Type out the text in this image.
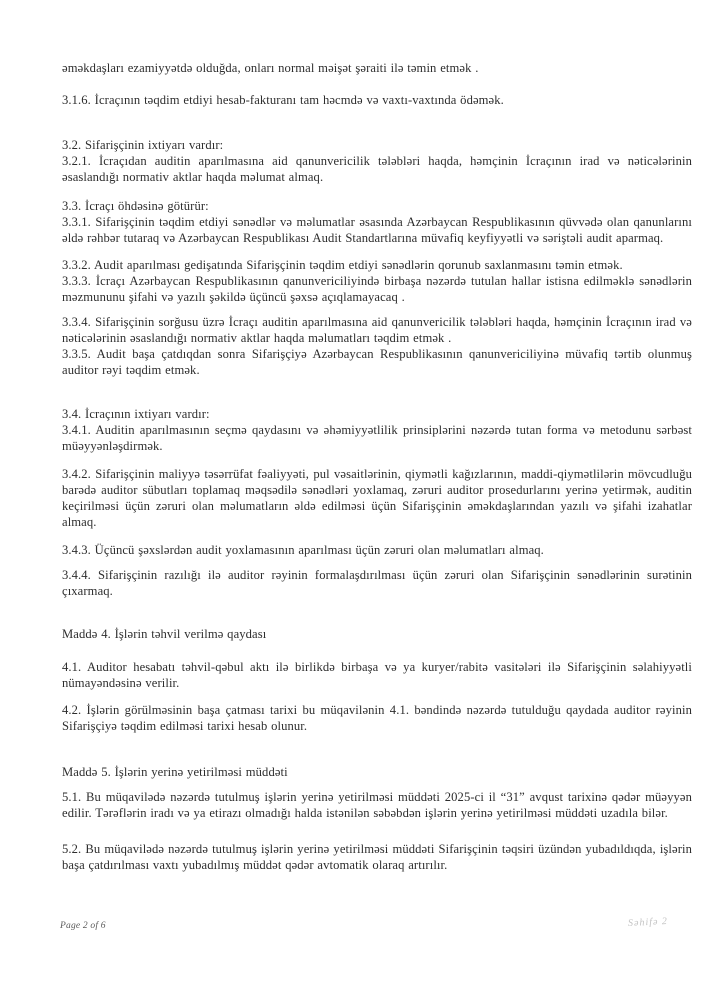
əməkdaşları ezamiyyətdə olduğda, onları normal məişət şəraiti ilə təmin etmək .

3.1.6. İcraçının təqdim etdiyi hesab-fakturanı tam həcmdə və vaxtı-vaxtında ödəmək.

3.2. Sifarişçinin ixtiyarı vardır:

3.2.1. İcraçıdan auditin aparılmasına aid qanunvericilik tələbləri haqda, həmçinin İcraçının irad və nəticələrinin əsaslandığı normativ aktlar haqda məlumat almaq.

3.3. İcraçı öhdəsinə götürür:

3.3.1. Sifarişçinin təqdim etdiyi sənədlər və məlumatlar əsasında Azərbaycan Respublikasının qüvvədə olan qanunlarını əldə rəhbər tutaraq və Azərbaycan Respublikası Audit Standartlarına müvafiq keyfiyyətli və səriştəli audit aparmaq.

3.3.2. Audit aparılması gedişatında Sifarişçinin təqdim etdiyi sənədlərin qorunub saxlanmasını təmin etmək.

3.3.3. İcraçı Azərbaycan Respublikasının qanunvericiliyində birbaşa nəzərdə tutulan hallar istisna edilməklə sənədlərin məzmununu şifahi və yazılı şəkildə üçüncü şəxsə açıqlamayacaq .

3.3.4. Sifarişçinin sorğusu üzrə İcraçı auditin aparılmasına aid qanunvericilik tələbləri haqda, həmçinin İcraçının irad və nəticələrinin əsaslandığı normativ aktlar haqda məlumatları təqdim etmək .

3.3.5. Audit başa çatdıqdan sonra Sifarişçiyə Azərbaycan Respublikasının qanunvericiliyinə müvafiq tərtib olunmuş auditor rəyi təqdim etmək.

3.4. İcraçının ixtiyarı vardır:

3.4.1. Auditin aparılmasının seçmə qaydasını və əhəmiyyətlilik prinsiplərini nəzərdə tutan forma və metodunu sərbəst müəyyənləşdirmək.

3.4.2. Sifarişçinin maliyyə təsərrüfat fəaliyyəti, pul vəsaitlərinin, qiymətli kağızlarının, maddi-qiymətlilərin mövcudluğu barədə auditor sübutları toplamaq məqsədilə sənədləri yoxlamaq, zəruri auditor prosedurlarını yerinə yetirmək, auditin keçirilməsi üçün zəruri olan məlumatların əldə edilməsi üçün Sifarişçinin əməkdaşlarından yazılı və şifahi izahatlar almaq.

3.4.3. Üçüncü şəxslərdən audit yoxlamasının aparılması üçün zəruri olan məlumatları almaq.

3.4.4. Sifarişçinin razılığı ilə auditor rəyinin formalaşdırılması üçün zəruri olan Sifarişçinin sənədlərinin surətinin çıxarmaq.

Maddə 4. İşlərin təhvil verilmə qaydası

4.1. Auditor hesabatı təhvil-qəbul aktı ilə birlikdə birbaşa və ya kuryer/rabitə vasitələri ilə Sifarişçinin səlahiyyətli nümayəndəsinə verilir.

4.2. İşlərin görülməsinin başa çatması tarixi bu müqavilənin 4.1. bəndində nəzərdə tutulduğu qaydada auditor rəyinin Sifarişçiyə təqdim edilməsi tarixi hesab olunur.

Maddə 5. İşlərin yerinə yetirilməsi müddəti

5.1. Bu müqavilədə nəzərdə tutulmuş işlərin yerinə yetirilməsi müddəti 2025-ci il “31” avqust tarixinə qədər müəyyən edilir. Tərəflərin iradı və ya etirazı olmadığı halda istənilən səbəbdən işlərin yerinə yetirilməsi müddəti uzadıla bilər.

5.2. Bu müqavilədə nəzərdə tutulmuş işlərin yerinə yetirilməsi müddəti Sifarişçinin təqsiri üzündən yubadıldıqda, işlərin başa çatdırılması vaxtı yubadılmış müddət qədər avtomatik olaraq artırılır.

Page 2 of 6	Səhifə 2
